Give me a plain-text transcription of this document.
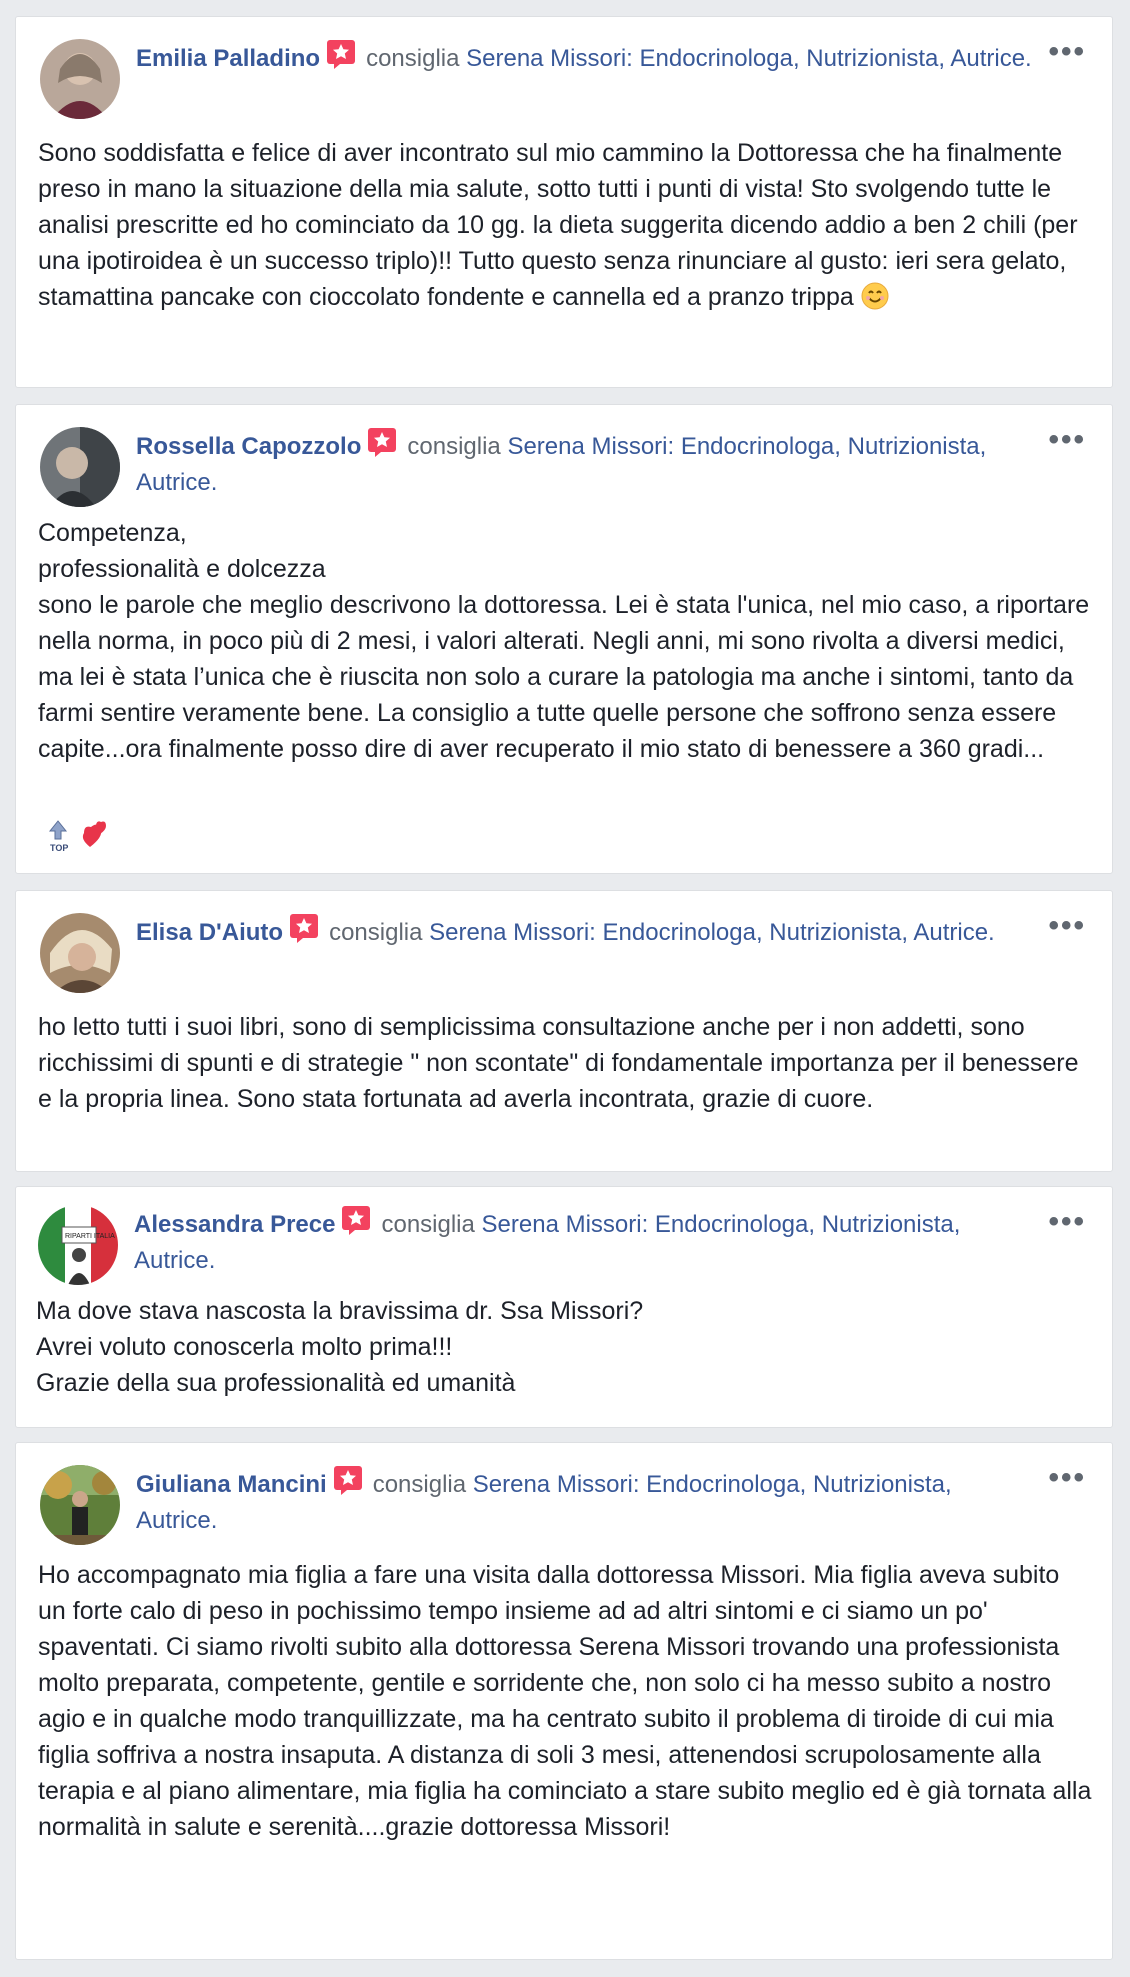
Emilia Palladino consiglia Serena Missori: Endocrinologa, Nutrizionista, Autrice. •••
Sono soddisfatta e felice di aver incontrato sul mio cammino la Dottoressa che ha finalmente preso in mano la situazione della mia salute, sotto tutti i punti di vista! Sto svolgendo tutte le analisi prescritte ed ho cominciato da 10 gg. la dieta suggerita dicendo addio a ben 2 chili (per una ipotiroidea è un successo triplo)!! Tutto questo senza rinunciare al gusto: ieri sera gelato, stamattina pancake con cioccolato fondente e cannella ed a pranzo trippa
Rossella Capozzolo consiglia Serena Missori: Endocrinologa, Nutrizionista, Autrice.
•••
Competenza,
professionalità e dolcezza
sono le parole che meglio descrivono la dottoressa. Lei è stata l'unica, nel mio caso, a riportare nella norma, in poco più di 2 mesi, i valori alterati. Negli anni, mi sono rivolta a diversi medici, ma lei è stata l’unica che è riuscita non solo a curare la patologia ma anche i sintomi, tanto da farmi sentire veramente bene. La consiglio a tutte quelle persone che soffrono senza essere capite...ora finalmente posso dire di aver recuperato il mio stato di benessere a 360 gradi...
TOP
Elisa D'Aiuto consiglia Serena Missori: Endocrinologa, Nutrizionista, Autrice.	•••
ho letto tutti i suoi libri, sono di semplicissima consultazione anche per i non addetti, sono ricchissimi di spunti e di strategie " non scontate" di fondamentale importanza per il benessere e la propria linea. Sono stata fortunata ad averla incontrata, grazie di cuore.
RIPARTI ITALIA Alessandra Prece consiglia Serena Missori: Endocrinologa, Nutrizionista, Autrice.
•••
Ma dove stava nascosta la bravissima dr. Ssa Missori?
Avrei voluto conoscerla molto prima!!!
Grazie della sua professionalità ed umanità
Giuliana Mancini consiglia Serena Missori: Endocrinologa, Nutrizionista, Autrice.
•••
Ho accompagnato mia figlia a fare una visita dalla dottoressa Missori. Mia figlia aveva subito un forte calo di peso in pochissimo tempo insieme ad ad altri sintomi e ci siamo un po' spaventati. Ci siamo rivolti subito alla dottoressa Serena Missori trovando una professionista molto preparata, competente, gentile e sorridente che, non solo ci ha messo subito a nostro agio e in qualche modo tranquillizzate, ma ha centrato subito il problema di tiroide di cui mia figlia soffriva a nostra insaputa. A distanza di soli 3 mesi, attenendosi scrupolosamente alla terapia e al piano alimentare, mia figlia ha cominciato a stare subito meglio ed è già tornata alla normalità in salute e serenità....grazie dottoressa Missori!
